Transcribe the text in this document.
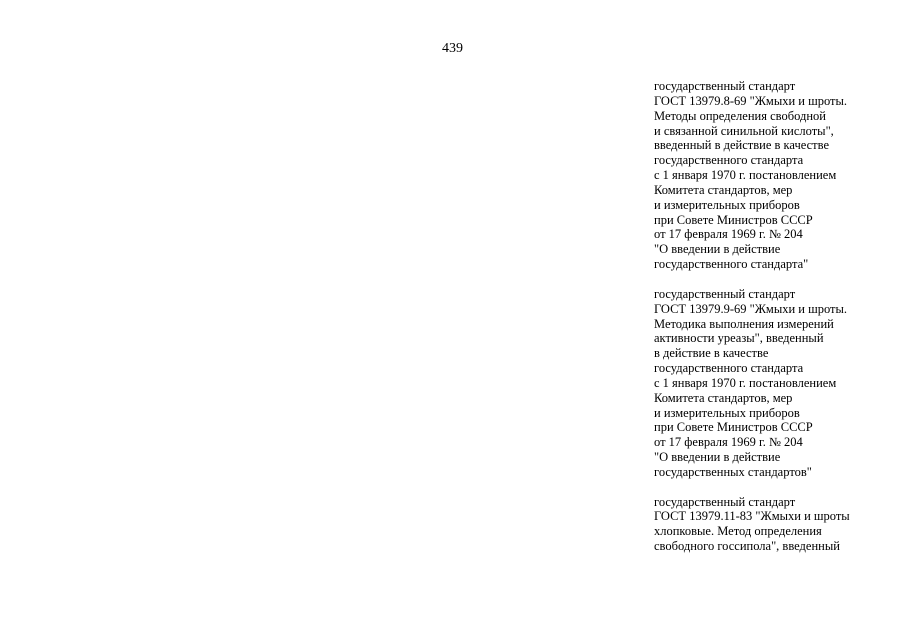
439
государственный стандарт
ГОСТ 13979.8-69 "Жмыхи и шроты.
Методы определения свободной
и связанной синильной кислоты",
введенный в действие в качестве
государственного стандарта
с 1 января 1970 г. постановлением
Комитета стандартов, мер
и измерительных приборов
при Совете Министров СССР
от 17 февраля 1969 г. № 204
"О введении в действие
государственного стандарта"
государственный стандарт
ГОСТ 13979.9-69 "Жмыхи и шроты.
Методика выполнения измерений
активности уреазы", введенный
в действие в качестве
государственного стандарта
с 1 января 1970 г. постановлением
Комитета стандартов, мер
и измерительных приборов
при Совете Министров СССР
от 17 февраля 1969 г. № 204
"О введении в действие
государственных стандартов"
государственный стандарт
ГОСТ 13979.11-83 "Жмыхи и шроты
хлопковые. Метод определения
свободного госсипола", введенный
